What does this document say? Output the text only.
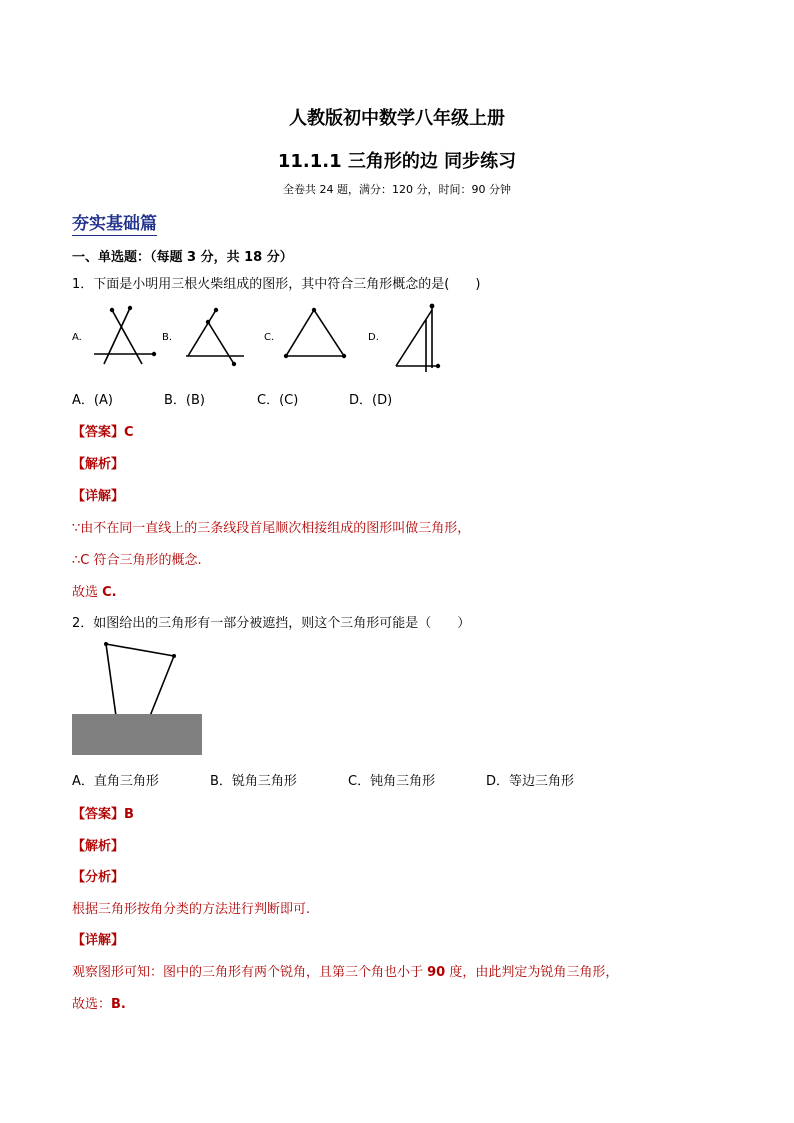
人教版初中数学八年级上册
11.1.1 三角形的边 同步练习
全卷共 24 题，满分：120 分，时间：90 分钟
夯实基础篇
一、单选题：（每题 3 分，共 18 分）
1．下面是小明用三根火柴组成的图形，其中符合三角形概念的是(　　)
A.	B.	C.	D.
A．(A)	B．(B)	C．(C)	D．(D)
【答案】C
【解析】
【详解】
∵由不在同一直线上的三条线段首尾顺次相接组成的图形叫做三角形，
∴C 符合三角形的概念.
故选 C.
2．如图给出的三角形有一部分被遮挡，则这个三角形可能是（　　）
A．直角三角形	B．锐角三角形	C．钝角三角形	D．等边三角形
【答案】B
【解析】
【分析】
根据三角形按角分类的方法进行判断即可.
【详解】
观察图形可知：图中的三角形有两个锐角，且第三个角也小于 90 度，由此判定为锐角三角形，
故选：B.
